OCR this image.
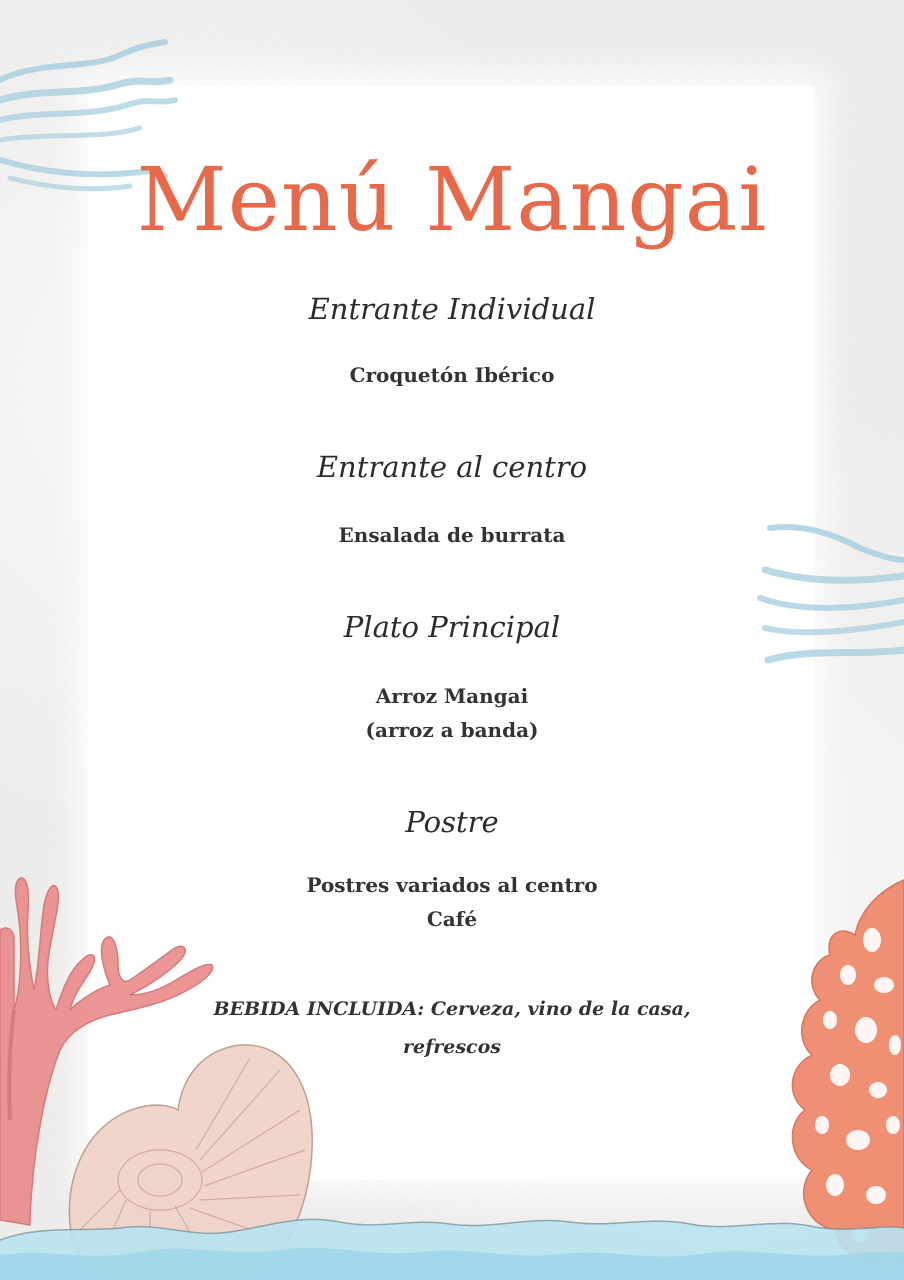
Menú Mangai
Entrante Individual

Croquetón Ibérico

Entrante al centro

Ensalada de burrata

Plato Principal

Arroz Mangai

(arroz a banda)

Postre

Postres variados al centro

Café

BEBIDA INCLUIDA: Cerveza, vino de la casa, refrescos
